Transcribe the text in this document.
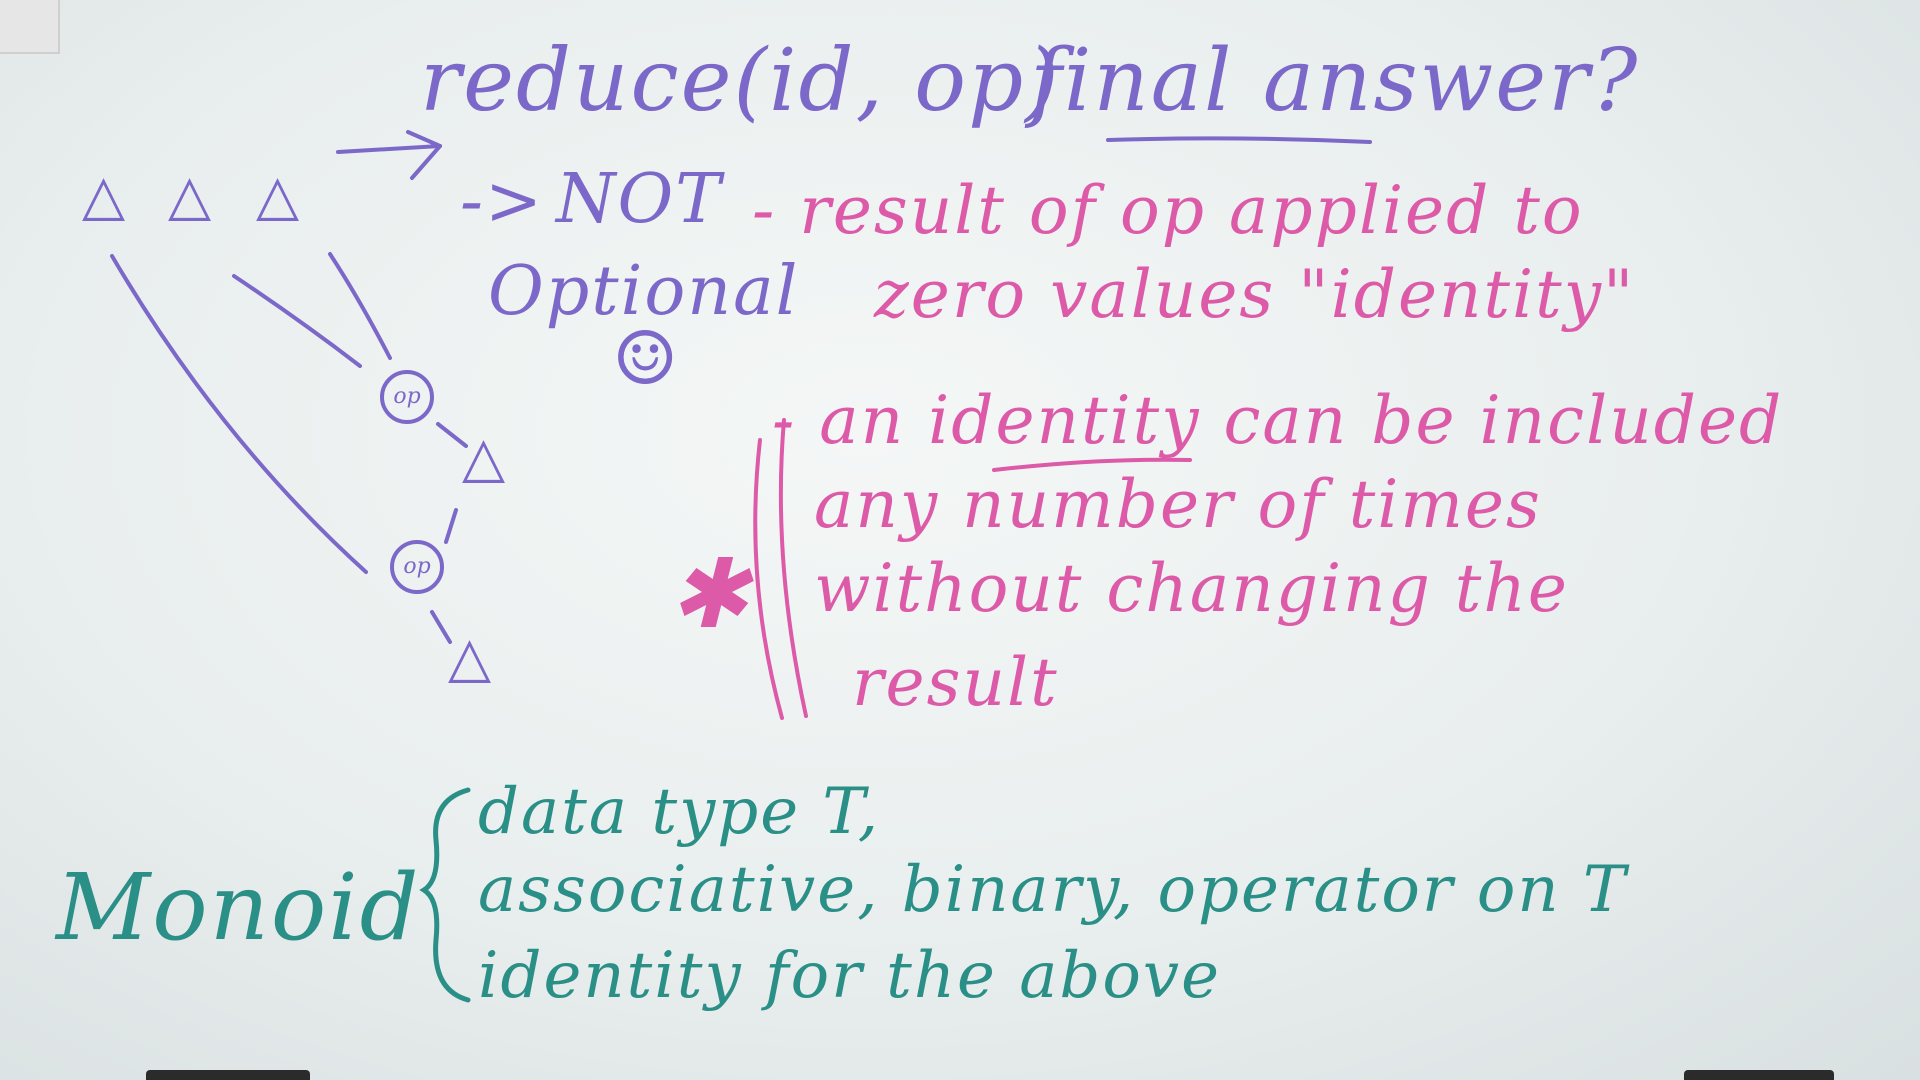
reduce(id, op)
final answer?
△ △ △
△
△
op
op
-> NOT
Optional
☺
- result of op applied to
zero values "identity"
- an identity can be included
any number of times
without changing the
result
✱
Monoid
data type T,
associative, binary, operator on T
identity for the above
